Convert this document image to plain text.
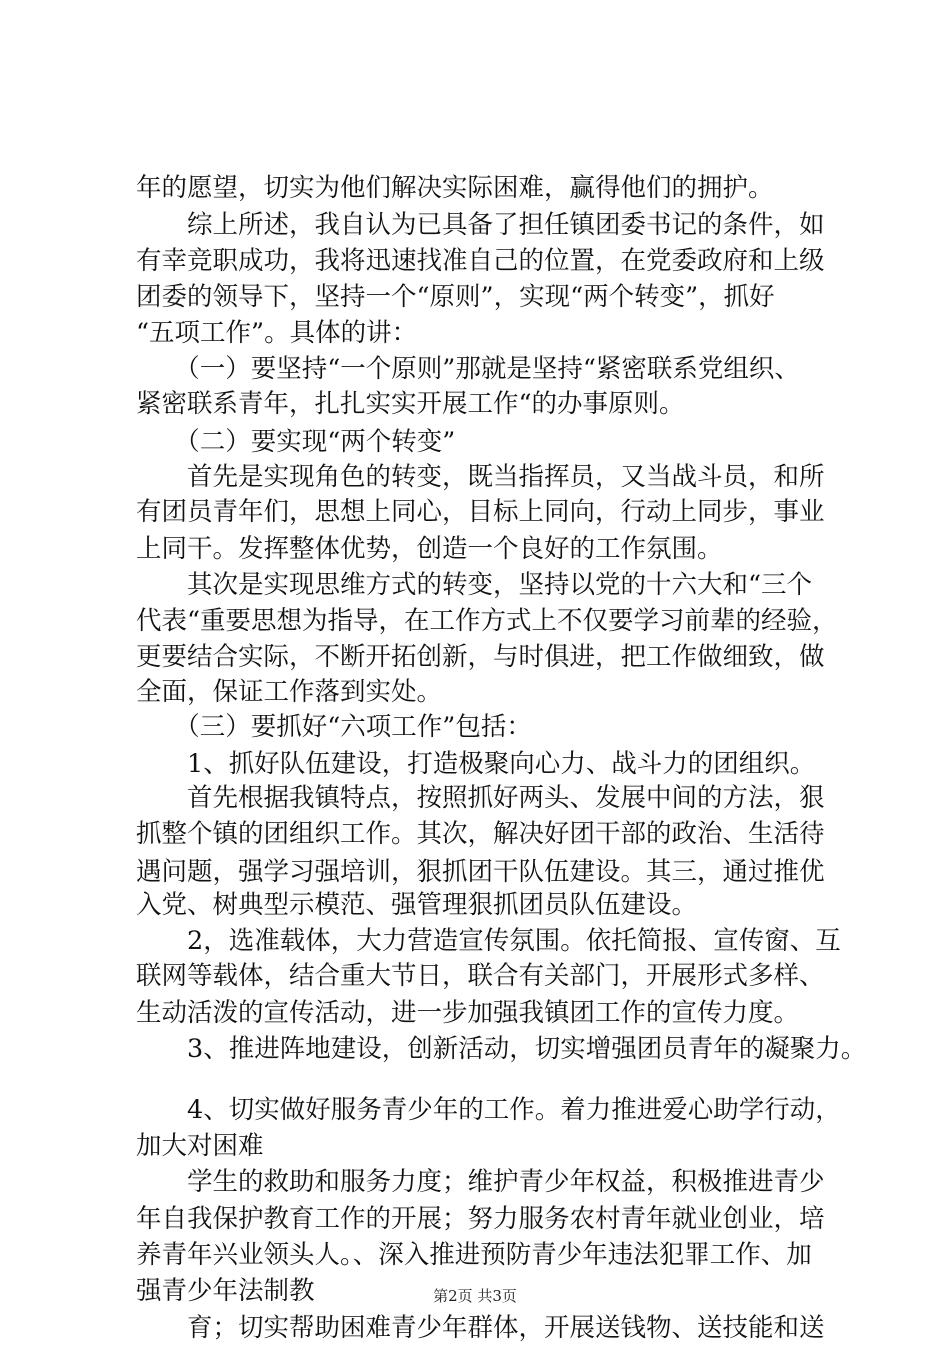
年的愿望，切实为他们解决实际困难，赢得他们的拥护。
　　综上所述，我自认为已具备了担任镇团委书记的条件，如
有幸竞职成功，我将迅速找准自己的位置，在党委政府和上级
团委的领导下，坚持一个“原则”，实现“两个转变”，抓好
“五项工作”。具体的讲：
　　（一）要坚持“一个原则”那就是坚持“紧密联系党组织、
紧密联系青年，扎扎实实开展工作“的办事原则。
　　（二）要实现“两个转变”
　　首先是实现角色的转变，既当指挥员，又当战斗员，和所
有团员青年们，思想上同心，目标上同向，行动上同步，事业
上同干。发挥整体优势，创造一个良好的工作氛围。
　　其次是实现思维方式的转变，坚持以党的十六大和“三个
代表“重要思想为指导，在工作方式上不仅要学习前辈的经验，
更要结合实际，不断开拓创新，与时俱进，把工作做细致，做
全面，保证工作落到实处。
　　（三）要抓好“六项工作”包括：
　　1、抓好队伍建设，打造极聚向心力、战斗力的团组织。
　　首先根据我镇特点，按照抓好两头、发展中间的方法，狠
抓整个镇的团组织工作。其次，解决好团干部的政治、生活待
遇问题，强学习强培训，狠抓团干队伍建设。其三，通过推优
入党、树典型示模范、强管理狠抓团员队伍建设。
　　2，选准载体，大力营造宣传氛围。依托简报、宣传窗、互
联网等载体，结合重大节日，联合有关部门，开展形式多样、
生动活泼的宣传活动，进一步加强我镇团工作的宣传力度。
　　3、推进阵地建设，创新活动，切实增强团员青年的凝聚力。
　　4、切实做好服务青少年的工作。着力推进爱心助学行动，
加大对困难
　　学生的救助和服务力度；维护青少年权益，积极推进青少
年自我保护教育工作的开展；努力服务农村青年就业创业，培
养青年兴业领头人。、深入推进预防青少年违法犯罪工作、加
强青少年法制教
　　育；切实帮助困难青少年群体，开展送钱物、送技能和送
第2页 共3页
